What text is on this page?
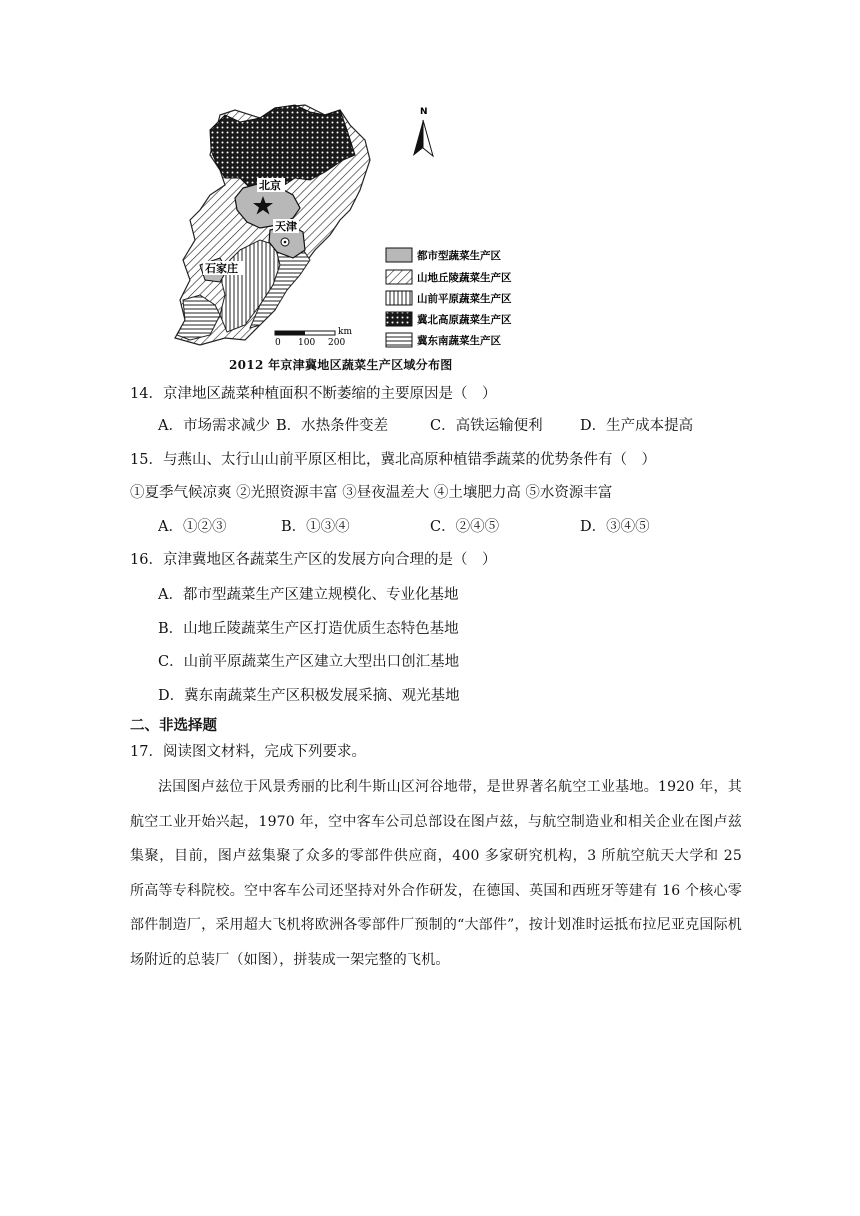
N
北京
天津
石家庄
0 100 200
km
都市型蔬菜生产区
山地丘陵蔬菜生产区
山前平原蔬菜生产区
冀北高原蔬菜生产区
冀东南蔬菜生产区
2012 年京津冀地区蔬菜生产区域分布图
14．京津地区蔬菜种植面积不断萎缩的主要原因是（　）
A．市场需求减少 B．水热条件变差	C．高铁运输便利	D．生产成本提高
15．与燕山、太行山山前平原区相比，冀北高原种植错季蔬菜的优势条件有（　）
①夏季气候凉爽 ②光照资源丰富 ③昼夜温差大 ④土壤肥力高 ⑤水资源丰富
A．①②③	B．①③④	C．②④⑤	D．③④⑤
16．京津冀地区各蔬菜生产区的发展方向合理的是（　）
A．都市型蔬菜生产区建立规模化、专业化基地
B．山地丘陵蔬菜生产区打造优质生态特色基地
C．山前平原蔬菜生产区建立大型出口创汇基地
D．冀东南蔬菜生产区积极发展采摘、观光基地
二、非选择题
17．阅读图文材料，完成下列要求。
法国图卢兹位于风景秀丽的比利牛斯山区河谷地带，是世界著名航空工业基地。1920 年，其航空工业开始兴起，1970 年，空中客车公司总部设在图卢兹，与航空制造业和相关企业在图卢兹集聚，目前，图卢兹集聚了众多的零部件供应商，400 多家研究机构，3 所航空航天大学和 25 所高等专科院校。空中客车公司还坚持对外合作研发，在德国、英国和西班牙等建有 16 个核心零部件制造厂，采用超大飞机将欧洲各零部件厂预制的“大部件”，按计划准时运抵布拉尼亚克国际机场附近的总装厂（如图），拼装成一架完整的飞机。
